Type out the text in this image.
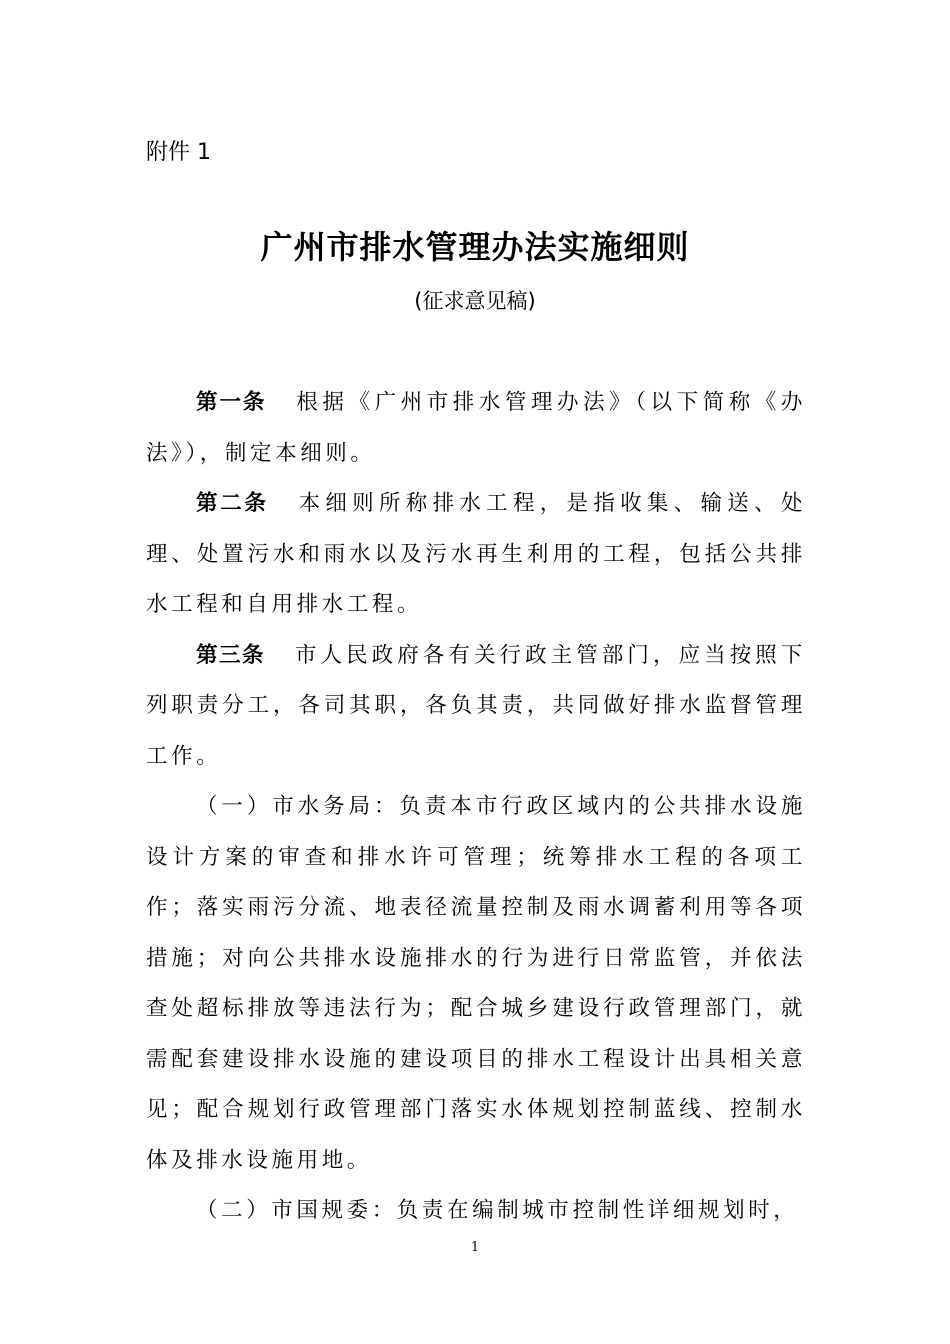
附件 1
广州市排水管理办法实施细则
(征求意见稿)

第一条 根据《广州市排水管理办法》（以下简称《办法》），制定本细则。

第二条 本细则所称排水工程，是指收集、输送、处理、处置污水和雨水以及污水再生利用的工程，包括公共排水工程和自用排水工程。

第三条 市人民政府各有关行政主管部门，应当按照下列职责分工，各司其职，各负其责，共同做好排水监督管理工作。

（一）市水务局：负责本市行政区域内的公共排水设施设计方案的审查和排水许可管理；统筹排水工程的各项工作；落实雨污分流、地表径流量控制及雨水调蓄利用等各项措施；对向公共排水设施排水的行为进行日常监管，并依法查处超标排放等违法行为；配合城乡建设行政管理部门，就需配套建设排水设施的建设项目的排水工程设计出具相关意见；配合规划行政管理部门落实水体规划控制蓝线、控制水体及排水设施用地。

（二）市国规委：负责在编制城市控制性详细规划时，

1
